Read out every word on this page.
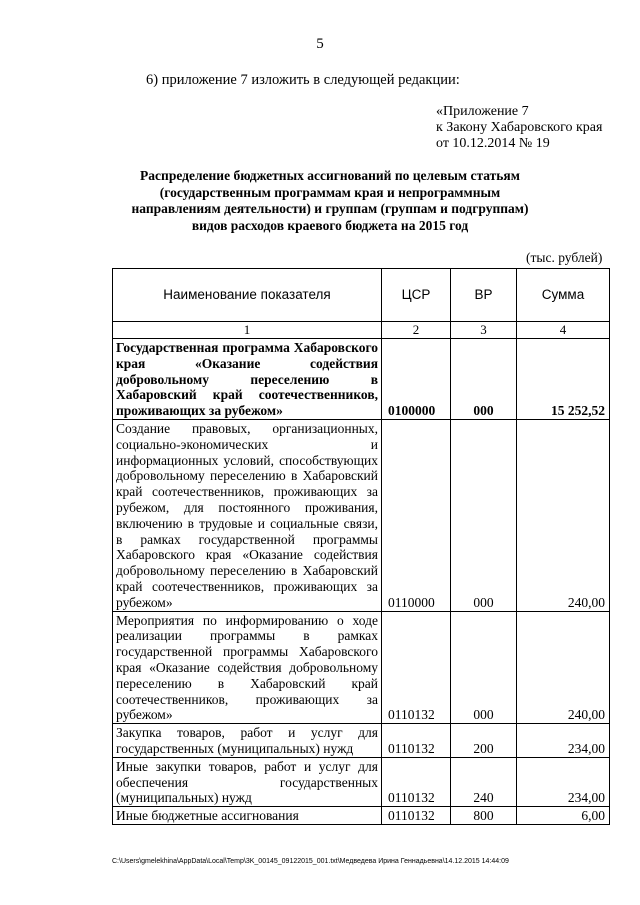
5
6) приложение 7 изложить в следующей редакции:
«Приложение 7
к Закону Хабаровского края
от 10.12.2014 № 19
Распределение бюджетных ассигнований по целевым статьям (государственным программам края и непрограммным направлениям деятельности) и группам (группам и подгруппам) видов расходов краевого бюджета на 2015 год
(тыс. рублей)
Наименование показателя	ЦСР	ВР	Сумма
1	2	3	4
Государственная программа Хабаровского края «Оказание содействия добровольному переселению в Хабаровский край соотечественников, проживающих за рубежом»	0100000	000	15 252,52
Создание правовых, организационных, социально-экономических и информационных условий, способствующих добровольному переселению в Хабаровский край соотечественников, проживающих за рубежом, для постоянного проживания, включению в трудовые и социальные связи, в рамках государственной программы Хабаровского края «Оказание содействия добровольному переселению в Хабаровский край соотечественников, проживающих за рубежом»	0110000	000	240,00
Мероприятия по информированию о ходе реализации программы в рамках государственной программы Хабаровского края «Оказание содействия добровольному переселению в Хабаровский край соотечественников, проживающих за рубежом»	0110132	000	240,00
Закупка товаров, работ и услуг для государственных (муниципальных) нужд	0110132	200	234,00
Иные закупки товаров, работ и услуг для обеспечения государственных (муниципальных) нужд	0110132	240	234,00
Иные бюджетные ассигнования	0110132	800	6,00
C:\Users\gmelekhina\AppData\Local\Temp\3K_00145_09122015_001.txt\Медведева Ирина Геннадьевна\14.12.2015 14:44:09
